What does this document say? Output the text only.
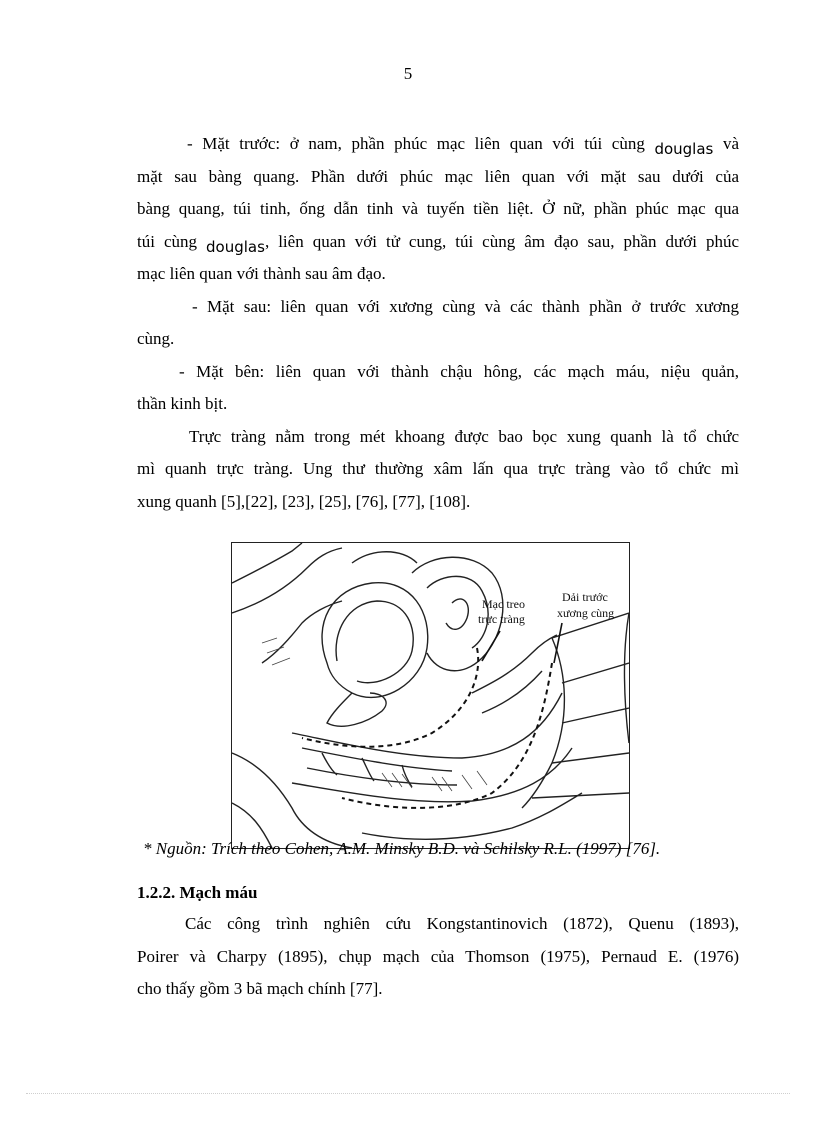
5

- Mặt trước: ở nam, phần phúc mạc liên quan với túi cùng douglas và

mặt sau bàng quang. Phần dưới phúc mạc liên quan với mặt sau dưới của

bàng quang, túi tinh, ống dẫn tinh và tuyến tiền liệt. Ở nữ, phần phúc mạc qua

túi cùng douglas, liên quan với tử cung, túi cùng âm đạo sau, phần dưới phúc

mạc liên quan với thành sau âm đạo.

- Mặt sau: liên quan với xương cùng và các thành phần ở trước xương

cùng.

- Mặt bên: liên quan với thành chậu hông, các mạch máu, niệu quản,

thần kinh bịt.

Trực tràng nằm trong mét khoang được bao bọc xung quanh là tổ chức

mì quanh trực tràng. Ung thư thường xâm lấn qua trực tràng vào tổ chức mì

xung quanh [5],[22], [23], [25], [76], [77], [108].

Mạc treo
trực tràng
Dải trước
xương cùng
* Nguồn: Trích theo Cohen, A.M. Minsky B.D. và Schilsky R.L. (1997) [76].

1.2.2. Mạch máu

Các công trình nghiên cứu Kongstantinovich (1872), Quenu (1893),

Poirer và Charpy (1895), chụp mạch của Thomson (1975), Pernaud E. (1976)

cho thấy gồm 3 bã mạch chính [77].
